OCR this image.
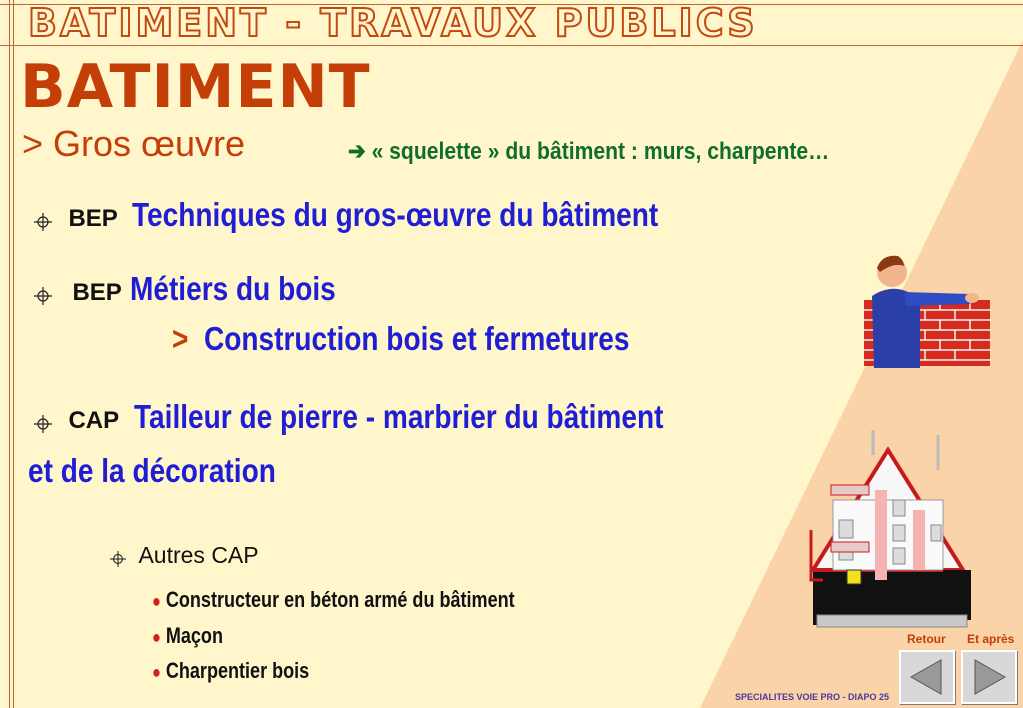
BATIMENT - TRAVAUX PUBLICS
BATIMENT
> Gros œuvre	➔ « squelette » du bâtiment : murs, charpente…
BEP Techniques du gros-œuvre du bâtiment
BEP Métiers du bois
> Construction bois et fermetures
CAP Tailleur de pierre - marbrier du bâtiment
et de la décoration
Autres CAP
● Constructeur en béton armé du bâtiment
● Maçon
● Charpentier bois
Retour Et après
SPECIALITES VOIE PRO - DIAPO 25
